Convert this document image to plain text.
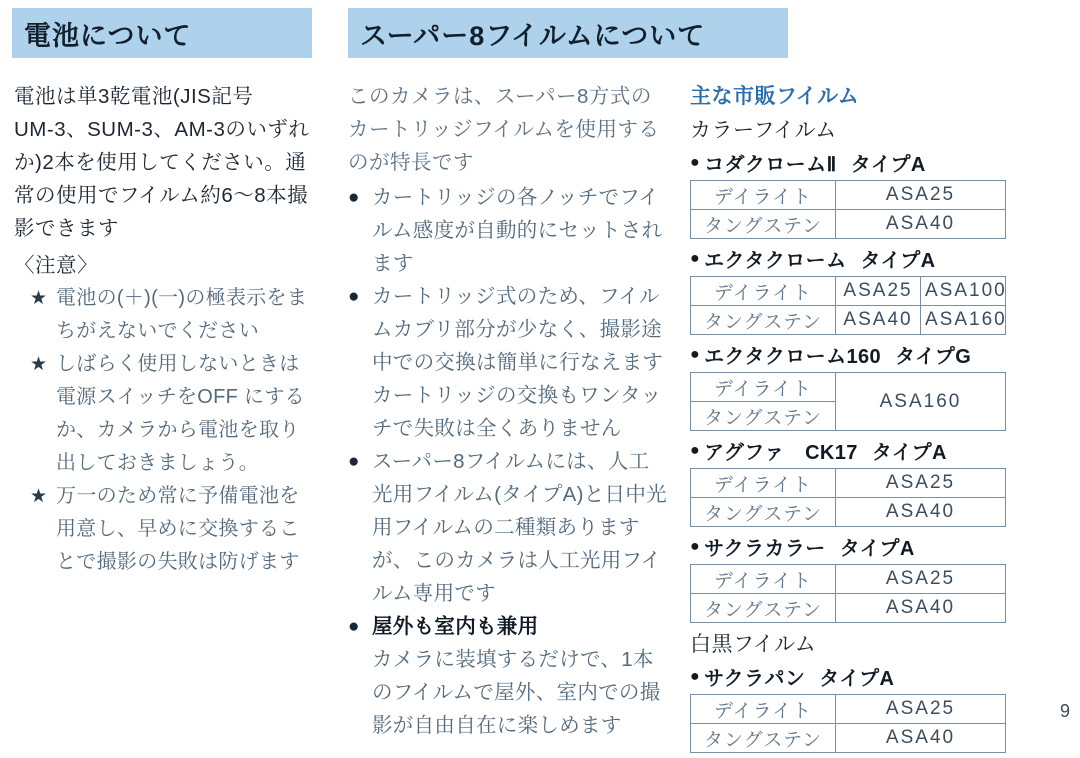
電池について	スーパー8フイルムについて

電池は単3乾電池(JIS記号　UM-3、SUM-3、AM-3のいずれか)2本を使用してください。通常の使用でフイルム約6～8本撮影できます

〈注意〉
★ 電池の(＋)(一)の極表示をまちがえないでください
★ しばらく使用しないときは電源スイッチをOFF にするか、カメラから電池を取り出しておきましょう。
★ 万一のため常に予備電池を用意し、早めに交換することで撮影の失敗は防げます

このカメラは、スーパー8方式のカートリッジフイルムを使用するのが特長です

● カートリッジの各ノッチでフイルム感度が自動的にセットされます
● カートリッジ式のため、フイルムカブリ部分が少なく、撮影途中での交換は簡単に行なえますカートリッジの交換もワンタッチで失敗は全くありません
● スーパー8フイルムには、人工光用フイルム(タイプA)と日中光用フイルムの二種類ありますが、このカメラは人工光用フイルム専用です
● 屋外も室内も兼用
カメラに装填するだけで、1本のフイルムで屋外、室内での撮影が自由自在に楽しめます
主な市販フイルム
カラーフイルム
● コダクロームⅡ タイプA
デイライト	ASA25
タングステン	ASA40
● エクタクローム タイプA
デイライト	ASA25	ASA100
タングステン	ASA40	ASA160
● エクタクローム160 タイプG
デイライト	ASA160
タングステン
● アグファ　CK17 タイプA
デイライト	ASA25
タングステン	ASA40
● サクラカラー タイプA
デイライト	ASA25
タングステン	ASA40
白黒フイルム
● サクラパン タイプA
デイライト	ASA25
タングステン	ASA40
9
